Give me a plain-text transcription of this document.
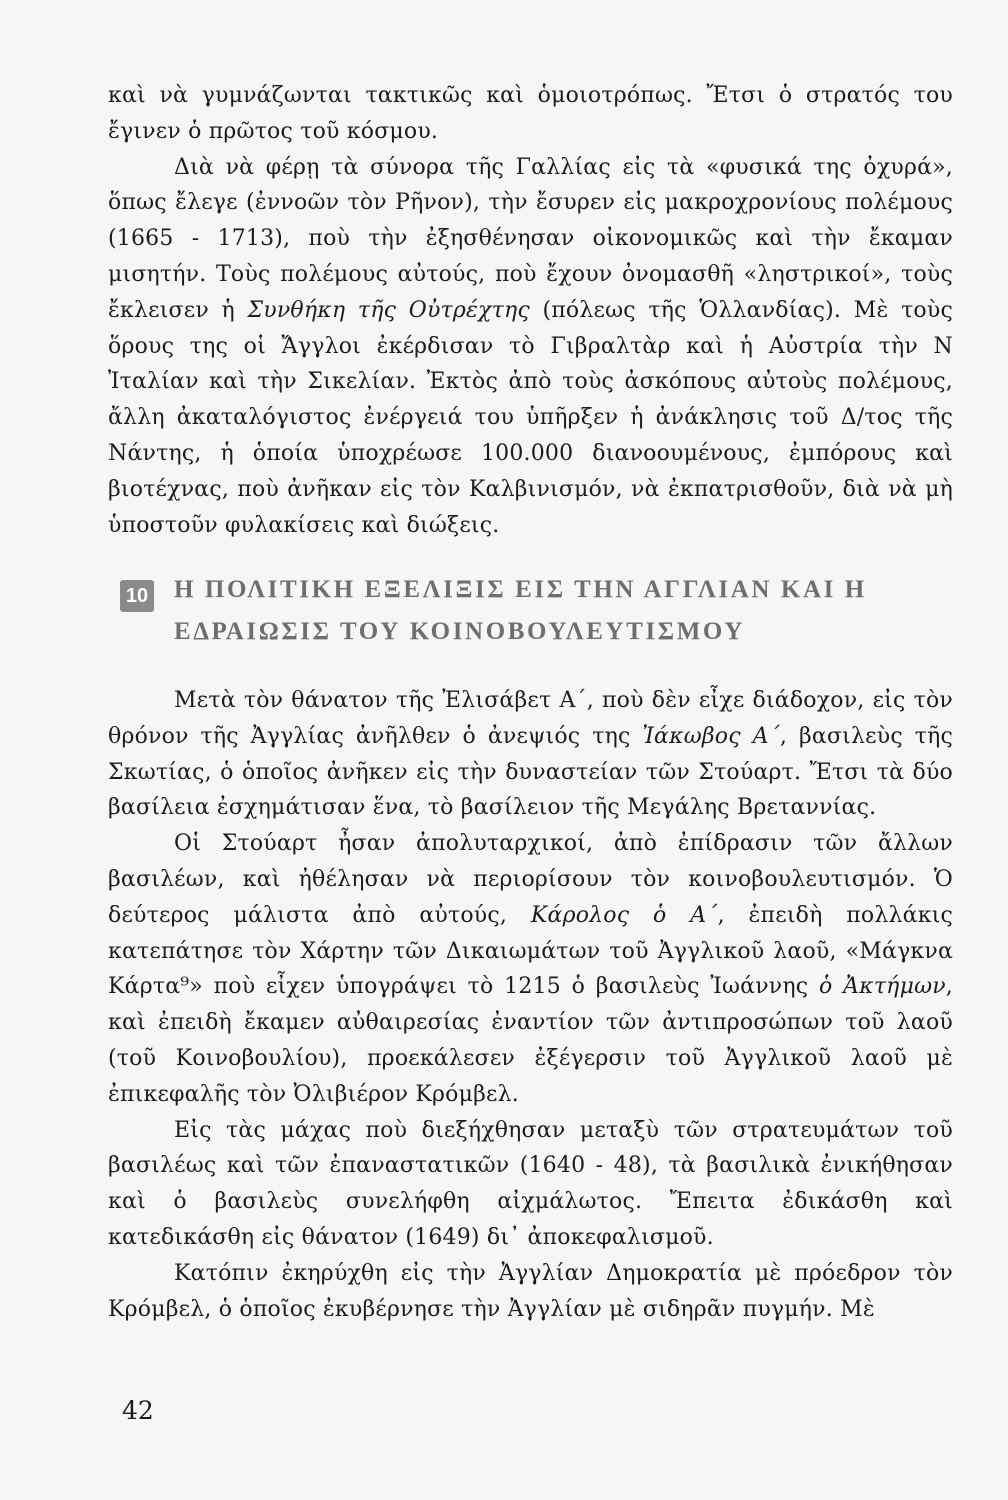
καὶ νὰ γυμνάζωνται τακτικῶς καὶ ὁμοιοτρόπως. Ἔτσι ὁ στρατός του ἔγινεν ὁ πρῶτος τοῦ κόσμου.

Διὰ νὰ φέρῃ τὰ σύνορα τῆς Γαλλίας εἰς τὰ «φυσικά της ὀχυρά», ὅπως ἔλεγε (ἐννοῶν τὸν Ρῆνον), τὴν ἔσυρεν εἰς μακροχρονίους πολέμους (1665 - 1713), ποὺ τὴν ἐξησθένησαν οἰκονομικῶς καὶ τὴν ἔκαμαν μισητήν. Τοὺς πολέμους αὐτούς, ποὺ ἔχουν ὀνομασθῆ «ληστρικοί», τοὺς ἔκλεισεν ἡ Συνθήκη τῆς Οὐτρέχτης (πόλεως τῆς Ὁλλανδίας). Μὲ τοὺς ὅρους της οἱ Ἄγγλοι ἐκέρδισαν τὸ Γιβραλτὰρ καὶ ἡ Αὐστρία τὴν Ν Ἰταλίαν καὶ τὴν Σικελίαν. Ἐκτὸς ἀπὸ τοὺς ἀσκόπους αὐτοὺς πολέμους, ἄλλη ἀκαταλόγιστος ἐνέργειά του ὑπῆρξεν ἡ ἀνάκλησις τοῦ Δ/τος τῆς Νάντης, ἡ ὁποία ὑποχρέωσε 100.000 διανοουμένους, ἐμπόρους καὶ βιοτέχνας, ποὺ ἀνῆκαν εἰς τὸν Καλβινισμόν, νὰ ἐκπατρισθοῦν, διὰ νὰ μὴ ὑποστοῦν φυλακίσεις καὶ διώξεις.

10 Η ΠΟΛΙΤΙΚΗ ΕΞΕΛΙΞΙΣ ΕΙΣ ΤΗΝ ΑΓΓΛΙΑΝ ΚΑΙ Η
ΕΔΡΑΙΩΣΙΣ ΤΟΥ ΚΟΙΝΟΒΟΥΛΕΥΤΙΣΜΟΥ

Μετὰ τὸν θάνατον τῆς Ἐλισάβετ Α΄, ποὺ δὲν εἶχε διάδοχον, εἰς τὸν θρόνον τῆς Ἀγγλίας ἀνῆλθεν ὁ ἀνεψιός της Ἰάκωβος Α΄, βασιλεὺς τῆς Σκωτίας, ὁ ὁποῖος ἀνῆκεν εἰς τὴν δυναστείαν τῶν Στούαρτ. Ἔτσι τὰ δύο βασίλεια ἐσχημάτισαν ἕνα, τὸ βασίλειον τῆς Μεγάλης Βρεταννίας.

Οἱ Στούαρτ ἦσαν ἀπολυταρχικοί, ἀπὸ ἐπίδρασιν τῶν ἄλλων βασιλέων, καὶ ἠθέλησαν νὰ περιορίσουν τὸν κοινοβουλευτισμόν. Ὁ δεύτερος μάλιστα ἀπὸ αὐτούς, Κάρολος ὁ Α΄, ἐπειδὴ πολλάκις κατεπάτησε τὸν Χάρτην τῶν Δικαιωμάτων τοῦ Ἀγγλικοῦ λαοῦ, «Μάγκνα Κάρτα⁹» ποὺ εἶχεν ὑπογράψει τὸ 1215 ὁ βασιλεὺς Ἰωάννης ὁ Ἀκτήμων, καὶ ἐπειδὴ ἔκαμεν αὐθαιρεσίας ἐναντίον τῶν ἀντιπροσώπων τοῦ λαοῦ (τοῦ Κοινοβουλίου), προεκάλεσεν ἐξέγερσιν τοῦ Ἀγγλικοῦ λαοῦ μὲ ἐπικεφαλῆς τὸν Ὀλιβιέρον Κρόμβελ.

Εἰς τὰς μάχας ποὺ διεξήχθησαν μεταξὺ τῶν στρατευμάτων τοῦ βασιλέως καὶ τῶν ἐπαναστατικῶν (1640 - 48), τὰ βασιλικὰ ἐνικήθησαν καὶ ὁ βασιλεὺς συνελήφθη αἰχμάλωτος. Ἔπειτα ἐδικάσθη καὶ κατεδικάσθη εἰς θάνατον (1649) δι᾽ ἀποκεφαλισμοῦ.

Κατόπιν ἐκηρύχθη εἰς τὴν Ἀγγλίαν Δημοκρατία μὲ πρόεδρον τὸν Κρόμβελ, ὁ ὁποῖος ἐκυβέρνησε τὴν Ἀγγλίαν μὲ σιδηρᾶν πυγμήν. Μὲ

42
